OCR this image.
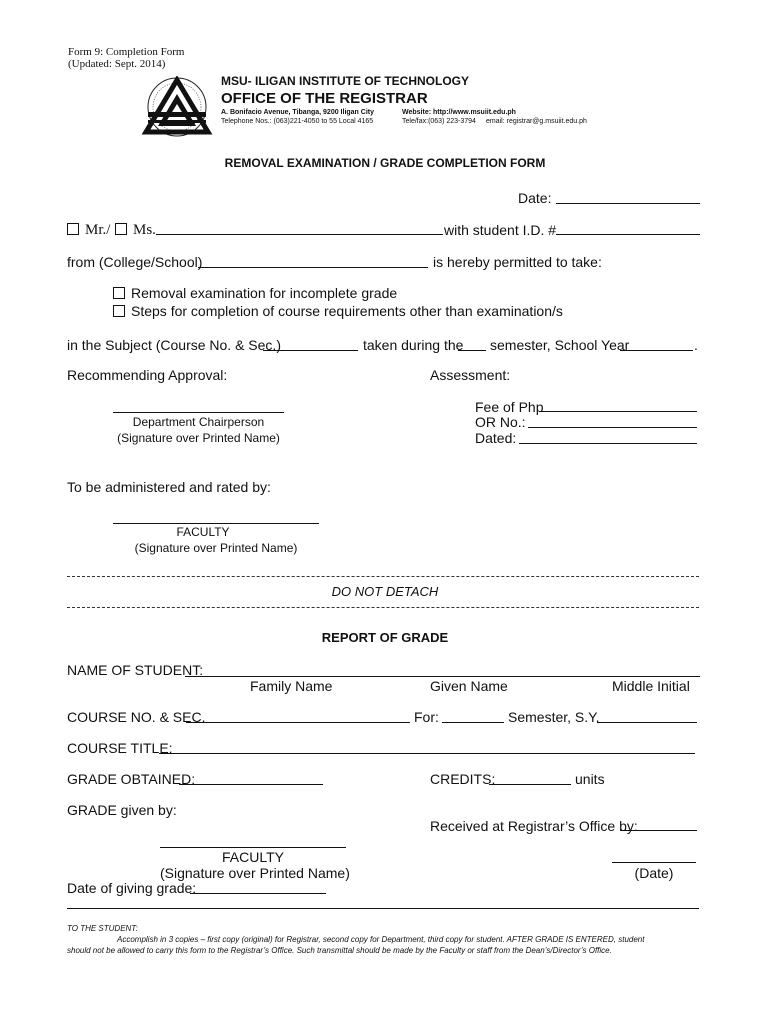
Form 9: Completion Form
(Updated: Sept. 2014)
MSU- ILIGAN INSTITUTE OF TECHNOLOGY
OFFICE OF THE REGISTRAR
A. Bonifacio Avenue, Tibanga, 9200 Iligan City	Website: http://www.msuiit.edu.ph
Telephone Nos.: (063)221-4050 to 55 Local 4165	Tele/fax:(063) 223-3794 email: registrar@g.msuiit.edu.ph
REMOVAL EXAMINATION / GRADE COMPLETION FORM
Date:
Mr./	Ms.	with student I.D. #
from (College/School)	is hereby permitted to take:
Removal examination for incomplete grade
Steps for completion of course requirements other than examination/s
in the Subject (Course No. & Sec.)	taken during the semester, School Year	.
Recommending Approval:	Assessment:
Department Chairperson
(Signature over Printed Name)
Fee of Php
OR No.:
Dated:
To be administered and rated by:
FACULTY
(Signature over Printed Name)
DO NOT DETACH
REPORT OF GRADE
NAME OF STUDENT:
Family Name	Given Name	Middle Initial
COURSE NO. & SEC.	For:	Semester, S.Y.
COURSE TITLE:
GRADE OBTAINED:	CREDITS:	units
GRADE given by:
Received at Registrar’s Office by:
FACULTY
(Signature over Printed Name)	(Date)
Date of giving grade:
TO THE STUDENT:
Accomplish in 3 copies – first copy (original) for Registrar, second copy for Department, third copy for student. AFTER GRADE IS ENTERED, student
should not be allowed to carry this form to the Registrar’s Office. Such transmittal should be made by the Faculty or staff from the Dean’s/Director’s Office.
